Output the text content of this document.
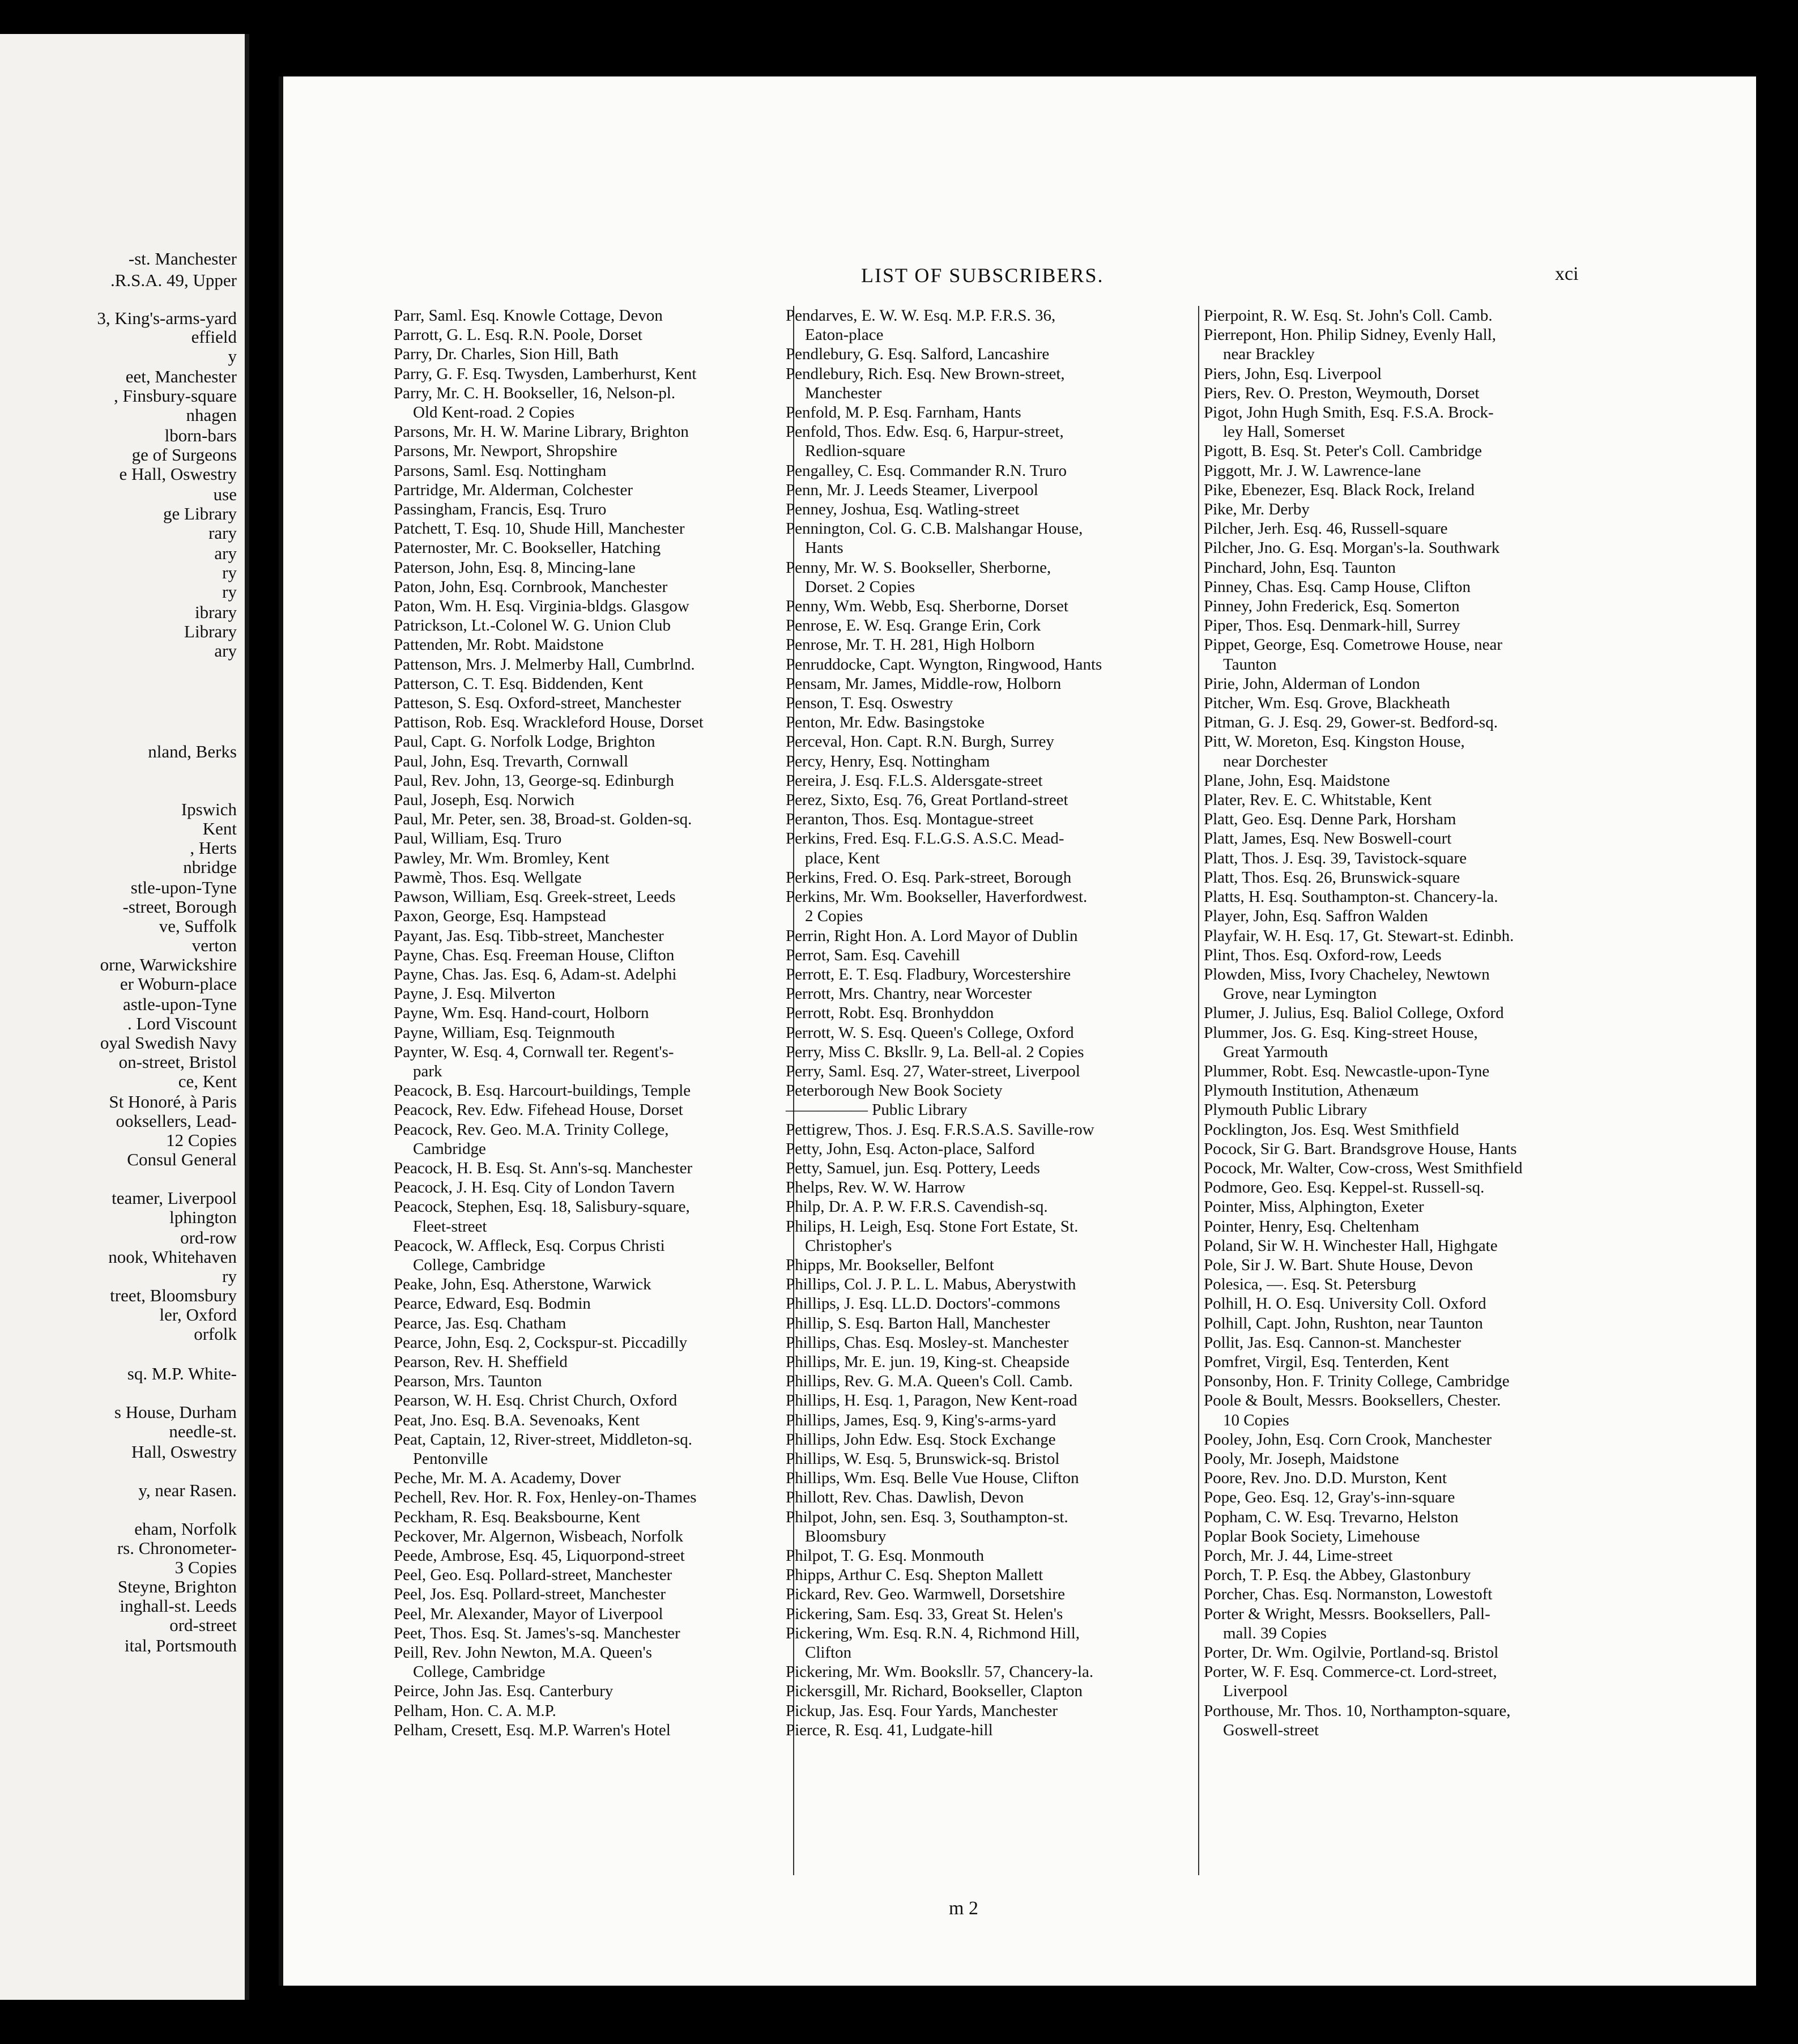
-st. Manchester
.R.S.A. 49, Upper
3, King's-arms-yard
effield
y
eet, Manchester
, Finsbury-square
nhagen
lborn-bars
ge of Surgeons
e Hall, Oswestry
use
ge Library
rary
ary
ry
ry
ibrary
Library
ary
nland, Berks
Ipswich
Kent
, Herts
nbridge
stle-upon-Tyne
-street, Borough
ve, Suffolk
verton
orne, Warwickshire
er Woburn-place
astle-upon-Tyne
. Lord Viscount
oyal Swedish Navy
on-street, Bristol
ce, Kent
St Honoré, à Paris
ooksellers, Lead-
12 Copies
Consul General
teamer, Liverpool
lphington
ord-row
nook, Whitehaven
ry
treet, Bloomsbury
ler, Oxford
orfolk
sq. M.P. White-
s House, Durham
needle-st.
Hall, Oswestry
y, near Rasen.
eham, Norfolk
rs. Chronometer-
3 Copies
Steyne, Brighton
inghall-st. Leeds
ord-street
ital, Portsmouth
LIST OF SUBSCRIBERS.	xci
Parr, Saml. Esq. Knowle Cottage, Devon
Parrott, G. L. Esq. R.N. Poole, Dorset
Parry, Dr. Charles, Sion Hill, Bath
Parry, G. F. Esq. Twysden, Lamberhurst, Kent
Parry, Mr. C. H. Bookseller, 16, Nelson-pl.
Old Kent-road. 2 Copies
Parsons, Mr. H. W. Marine Library, Brighton
Parsons, Mr. Newport, Shropshire
Parsons, Saml. Esq. Nottingham
Partridge, Mr. Alderman, Colchester
Passingham, Francis, Esq. Truro
Patchett, T. Esq. 10, Shude Hill, Manchester
Paternoster, Mr. C. Bookseller, Hatching
Paterson, John, Esq. 8, Mincing-lane
Paton, John, Esq. Cornbrook, Manchester
Paton, Wm. H. Esq. Virginia-bldgs. Glasgow
Patrickson, Lt.-Colonel W. G. Union Club
Pattenden, Mr. Robt. Maidstone
Pattenson, Mrs. J. Melmerby Hall, Cumbrlnd.
Patterson, C. T. Esq. Biddenden, Kent
Patteson, S. Esq. Oxford-street, Manchester
Pattison, Rob. Esq. Wrackleford House, Dorset
Paul, Capt. G. Norfolk Lodge, Brighton
Paul, John, Esq. Trevarth, Cornwall
Paul, Rev. John, 13, George-sq. Edinburgh
Paul, Joseph, Esq. Norwich
Paul, Mr. Peter, sen. 38, Broad-st. Golden-sq.
Paul, William, Esq. Truro
Pawley, Mr. Wm. Bromley, Kent
Pawmè, Thos. Esq. Wellgate
Pawson, William, Esq. Greek-street, Leeds
Paxon, George, Esq. Hampstead
Payant, Jas. Esq. Tibb-street, Manchester
Payne, Chas. Esq. Freeman House, Clifton
Payne, Chas. Jas. Esq. 6, Adam-st. Adelphi
Payne, J. Esq. Milverton
Payne, Wm. Esq. Hand-court, Holborn
Payne, William, Esq. Teignmouth
Paynter, W. Esq. 4, Cornwall ter. Regent's-
park
Peacock, B. Esq. Harcourt-buildings, Temple
Peacock, Rev. Edw. Fifehead House, Dorset
Peacock, Rev. Geo. M.A. Trinity College,
Cambridge
Peacock, H. B. Esq. St. Ann's-sq. Manchester
Peacock, J. H. Esq. City of London Tavern
Peacock, Stephen, Esq. 18, Salisbury-square,
Fleet-street
Peacock, W. Affleck, Esq. Corpus Christi
College, Cambridge
Peake, John, Esq. Atherstone, Warwick
Pearce, Edward, Esq. Bodmin
Pearce, Jas. Esq. Chatham
Pearce, John, Esq. 2, Cockspur-st. Piccadilly
Pearson, Rev. H. Sheffield
Pearson, Mrs. Taunton
Pearson, W. H. Esq. Christ Church, Oxford
Peat, Jno. Esq. B.A. Sevenoaks, Kent
Peat, Captain, 12, River-street, Middleton-sq.
Pentonville
Peche, Mr. M. A. Academy, Dover
Pechell, Rev. Hor. R. Fox, Henley-on-Thames
Peckham, R. Esq. Beaksbourne, Kent
Peckover, Mr. Algernon, Wisbeach, Norfolk
Peede, Ambrose, Esq. 45, Liquorpond-street
Peel, Geo. Esq. Pollard-street, Manchester
Peel, Jos. Esq. Pollard-street, Manchester
Peel, Mr. Alexander, Mayor of Liverpool
Peet, Thos. Esq. St. James's-sq. Manchester
Peill, Rev. John Newton, M.A. Queen's
College, Cambridge
Peirce, John Jas. Esq. Canterbury
Pelham, Hon. C. A. M.P.
Pelham, Cresett, Esq. M.P. Warren's Hotel
Pendarves, E. W. W. Esq. M.P. F.R.S. 36,
Eaton-place
Pendlebury, G. Esq. Salford, Lancashire
Pendlebury, Rich. Esq. New Brown-street,
Manchester
Penfold, M. P. Esq. Farnham, Hants
Penfold, Thos. Edw. Esq. 6, Harpur-street,
Redlion-square
Pengalley, C. Esq. Commander R.N. Truro
Penn, Mr. J. Leeds Steamer, Liverpool
Penney, Joshua, Esq. Watling-street
Pennington, Col. G. C.B. Malshangar House,
Hants
Penny, Mr. W. S. Bookseller, Sherborne,
Dorset. 2 Copies
Penny, Wm. Webb, Esq. Sherborne, Dorset
Penrose, E. W. Esq. Grange Erin, Cork
Penrose, Mr. T. H. 281, High Holborn
Penruddocke, Capt. Wyngton, Ringwood, Hants
Pensam, Mr. James, Middle-row, Holborn
Penson, T. Esq. Oswestry
Penton, Mr. Edw. Basingstoke
Perceval, Hon. Capt. R.N. Burgh, Surrey
Percy, Henry, Esq. Nottingham
Pereira, J. Esq. F.L.S. Aldersgate-street
Perez, Sixto, Esq. 76, Great Portland-street
Peranton, Thos. Esq. Montague-street
Perkins, Fred. Esq. F.L.G.S. A.S.C. Mead-
place, Kent
Perkins, Fred. O. Esq. Park-street, Borough
Perkins, Mr. Wm. Bookseller, Haverfordwest.
2 Copies
Perrin, Right Hon. A. Lord Mayor of Dublin
Perrot, Sam. Esq. Cavehill
Perrott, E. T. Esq. Fladbury, Worcestershire
Perrott, Mrs. Chantry, near Worcester
Perrott, Robt. Esq. Bronhyddon
Perrott, W. S. Esq. Queen's College, Oxford
Perry, Miss C. Bksllr. 9, La. Bell-al. 2 Copies
Perry, Saml. Esq. 27, Water-street, Liverpool
Peterborough New Book Society
————— Public Library
Pettigrew, Thos. J. Esq. F.R.S.A.S. Saville-row
Petty, John, Esq. Acton-place, Salford
Petty, Samuel, jun. Esq. Pottery, Leeds
Phelps, Rev. W. W. Harrow
Philp, Dr. A. P. W. F.R.S. Cavendish-sq.
Philips, H. Leigh, Esq. Stone Fort Estate, St.
Christopher's
Phipps, Mr. Bookseller, Belfont
Phillips, Col. J. P. L. L. Mabus, Aberystwith
Phillips, J. Esq. LL.D. Doctors'-commons
Phillip, S. Esq. Barton Hall, Manchester
Phillips, Chas. Esq. Mosley-st. Manchester
Phillips, Mr. E. jun. 19, King-st. Cheapside
Phillips, Rev. G. M.A. Queen's Coll. Camb.
Phillips, H. Esq. 1, Paragon, New Kent-road
Phillips, James, Esq. 9, King's-arms-yard
Phillips, John Edw. Esq. Stock Exchange
Phillips, W. Esq. 5, Brunswick-sq. Bristol
Phillips, Wm. Esq. Belle Vue House, Clifton
Phillott, Rev. Chas. Dawlish, Devon
Philpot, John, sen. Esq. 3, Southampton-st.
Bloomsbury
Philpot, T. G. Esq. Monmouth
Phipps, Arthur C. Esq. Shepton Mallett
Pickard, Rev. Geo. Warmwell, Dorsetshire
Pickering, Sam. Esq. 33, Great St. Helen's
Pickering, Wm. Esq. R.N. 4, Richmond Hill,
Clifton
Pickering, Mr. Wm. Booksllr. 57, Chancery-la.
Pickersgill, Mr. Richard, Bookseller, Clapton
Pickup, Jas. Esq. Four Yards, Manchester
Pierce, R. Esq. 41, Ludgate-hill
Pierpoint, R. W. Esq. St. John's Coll. Camb.
Pierrepont, Hon. Philip Sidney, Evenly Hall,
near Brackley
Piers, John, Esq. Liverpool
Piers, Rev. O. Preston, Weymouth, Dorset
Pigot, John Hugh Smith, Esq. F.S.A. Brock-
ley Hall, Somerset
Pigott, B. Esq. St. Peter's Coll. Cambridge
Piggott, Mr. J. W. Lawrence-lane
Pike, Ebenezer, Esq. Black Rock, Ireland
Pike, Mr. Derby
Pilcher, Jerh. Esq. 46, Russell-square
Pilcher, Jno. G. Esq. Morgan's-la. Southwark
Pinchard, John, Esq. Taunton
Pinney, Chas. Esq. Camp House, Clifton
Pinney, John Frederick, Esq. Somerton
Piper, Thos. Esq. Denmark-hill, Surrey
Pippet, George, Esq. Cometrowe House, near
Taunton
Pirie, John, Alderman of London
Pitcher, Wm. Esq. Grove, Blackheath
Pitman, G. J. Esq. 29, Gower-st. Bedford-sq.
Pitt, W. Moreton, Esq. Kingston House,
near Dorchester
Plane, John, Esq. Maidstone
Plater, Rev. E. C. Whitstable, Kent
Platt, Geo. Esq. Denne Park, Horsham
Platt, James, Esq. New Boswell-court
Platt, Thos. J. Esq. 39, Tavistock-square
Platt, Thos. Esq. 26, Brunswick-square
Platts, H. Esq. Southampton-st. Chancery-la.
Player, John, Esq. Saffron Walden
Playfair, W. H. Esq. 17, Gt. Stewart-st. Edinbh.
Plint, Thos. Esq. Oxford-row, Leeds
Plowden, Miss, Ivory Chacheley, Newtown
Grove, near Lymington
Plumer, J. Julius, Esq. Baliol College, Oxford
Plummer, Jos. G. Esq. King-street House,
Great Yarmouth
Plummer, Robt. Esq. Newcastle-upon-Tyne
Plymouth Institution, Athenæum
Plymouth Public Library
Pocklington, Jos. Esq. West Smithfield
Pocock, Sir G. Bart. Brandsgrove House, Hants
Pocock, Mr. Walter, Cow-cross, West Smithfield
Podmore, Geo. Esq. Keppel-st. Russell-sq.
Pointer, Miss, Alphington, Exeter
Pointer, Henry, Esq. Cheltenham
Poland, Sir W. H. Winchester Hall, Highgate
Pole, Sir J. W. Bart. Shute House, Devon
Polesica, —. Esq. St. Petersburg
Polhill, H. O. Esq. University Coll. Oxford
Polhill, Capt. John, Rushton, near Taunton
Pollit, Jas. Esq. Cannon-st. Manchester
Pomfret, Virgil, Esq. Tenterden, Kent
Ponsonby, Hon. F. Trinity College, Cambridge
Poole & Boult, Messrs. Booksellers, Chester.
10 Copies
Pooley, John, Esq. Corn Crook, Manchester
Pooly, Mr. Joseph, Maidstone
Poore, Rev. Jno. D.D. Murston, Kent
Pope, Geo. Esq. 12, Gray's-inn-square
Popham, C. W. Esq. Trevarno, Helston
Poplar Book Society, Limehouse
Porch, Mr. J. 44, Lime-street
Porch, T. P. Esq. the Abbey, Glastonbury
Porcher, Chas. Esq. Normanston, Lowestoft
Porter & Wright, Messrs. Booksellers, Pall-
mall. 39 Copies
Porter, Dr. Wm. Ogilvie, Portland-sq. Bristol
Porter, W. F. Esq. Commerce-ct. Lord-street,
Liverpool
Porthouse, Mr. Thos. 10, Northampton-square,
Goswell-street
m 2
